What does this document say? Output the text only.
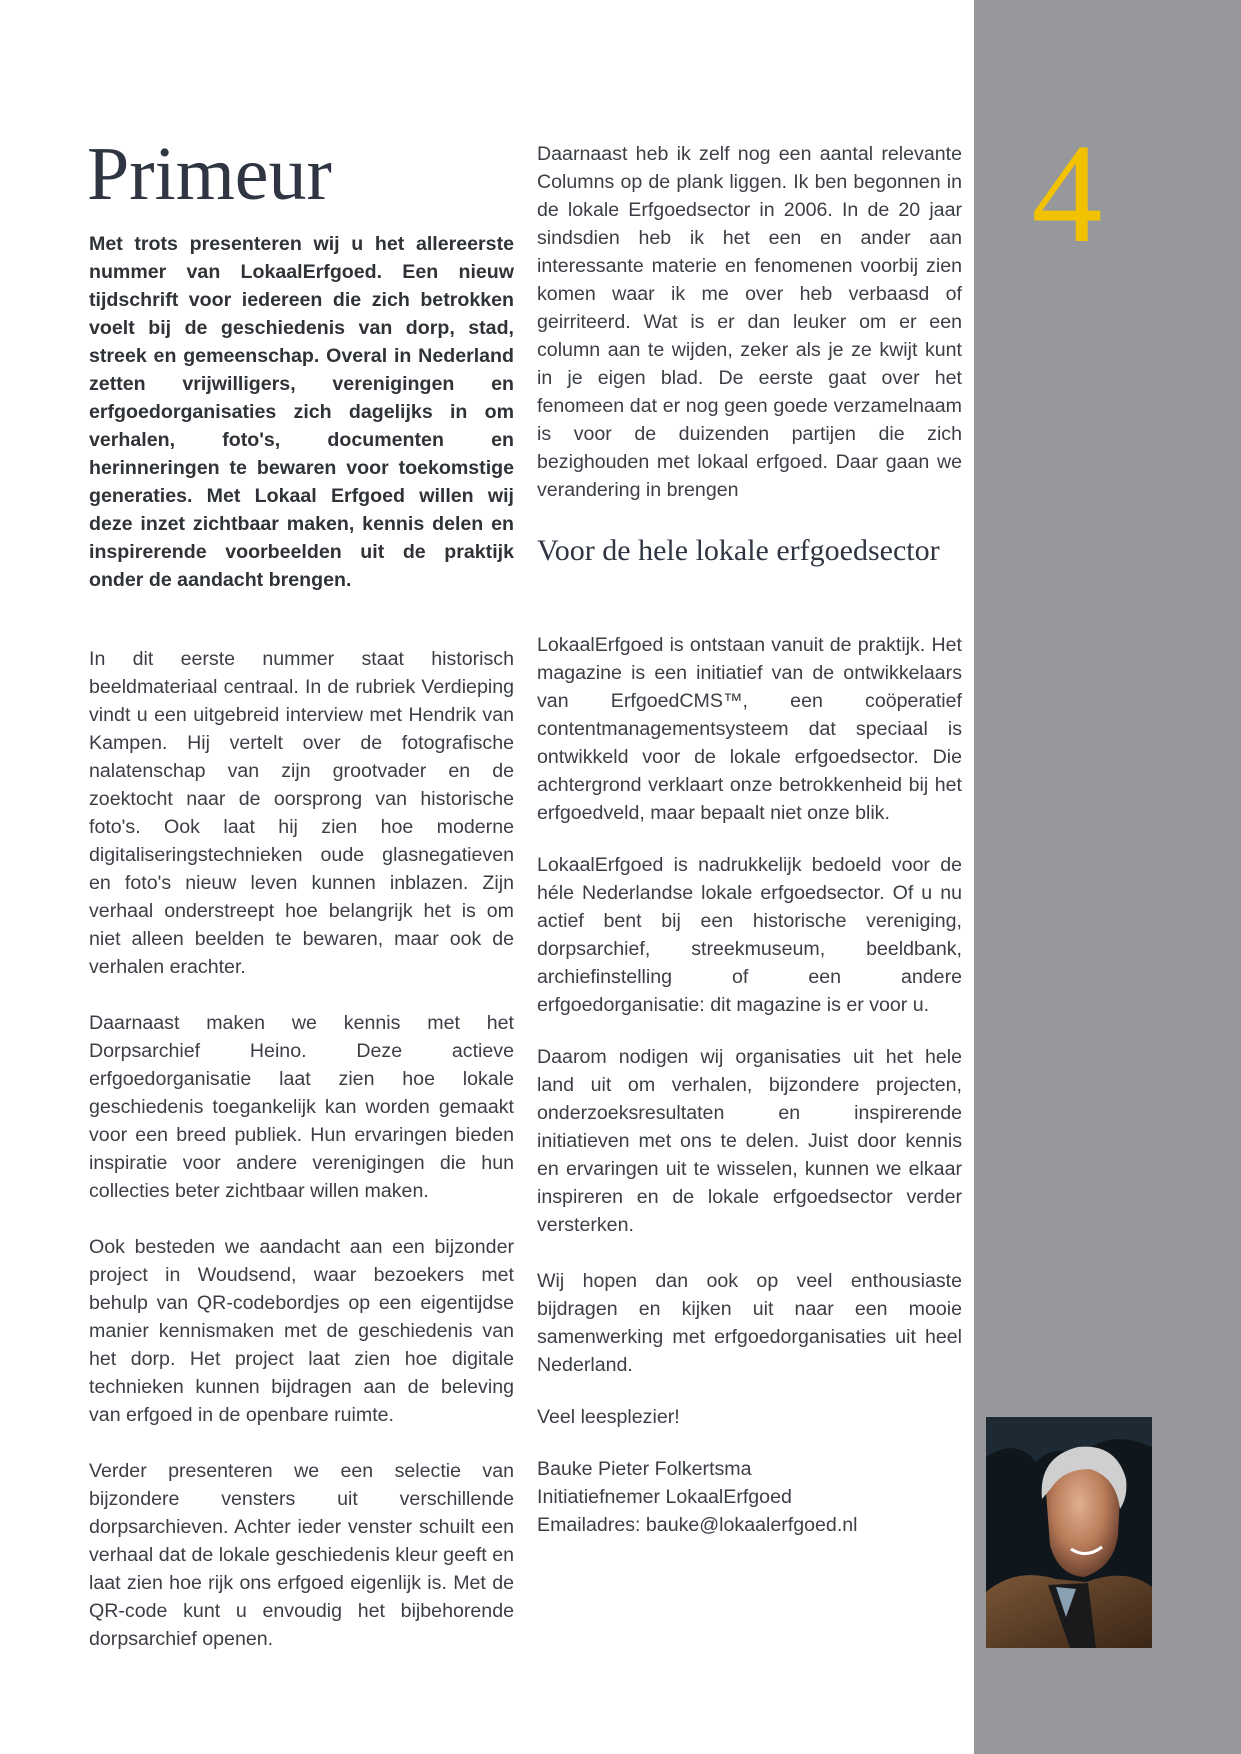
4
Primeur

Met trots presenteren wij u het allereerste nummer van LokaalErfgoed. Een nieuw tijdschrift voor iedereen die zich betrokken voelt bij de geschiedenis van dorp, stad, streek en gemeenschap. Overal in Nederland zetten vrijwilligers, verenigingen en erfgoedorganisaties zich dagelijks in om verhalen, foto's, documenten en herinneringen te bewaren voor toekomstige generaties. Met Lokaal Erfgoed willen wij deze inzet zichtbaar maken, kennis delen en inspirerende voorbeelden uit de praktijk onder de aandacht brengen.

In dit eerste nummer staat historisch beeldmateriaal centraal. In de rubriek Verdieping vindt u een uitgebreid interview met Hendrik van Kampen. Hij vertelt over de fotografische nalatenschap van zijn grootvader en de zoektocht naar de oorsprong van historische foto's. Ook laat hij zien hoe moderne digitaliseringstechnieken oude glasnegatieven en foto's nieuw leven kunnen inblazen. Zijn verhaal onderstreept hoe belangrijk het is om niet alleen beelden te bewaren, maar ook de verhalen erachter.

Daarnaast maken we kennis met het Dorpsarchief Heino. Deze actieve erfgoedorganisatie laat zien hoe lokale geschiedenis toegankelijk kan worden gemaakt voor een breed publiek. Hun ervaringen bieden inspiratie voor andere verenigingen die hun collecties beter zichtbaar willen maken.

Ook besteden we aandacht aan een bijzonder project in Woudsend, waar bezoekers met behulp van QR-codebordjes op een eigentijdse manier kennismaken met de geschiedenis van het dorp. Het project laat zien hoe digitale technieken kunnen bijdragen aan de beleving van erfgoed in de openbare ruimte.

Verder presenteren we een selectie van bijzondere vensters uit verschillende dorpsarchieven. Achter ieder venster schuilt een verhaal dat de lokale geschiedenis kleur geeft en laat zien hoe rijk ons erfgoed eigenlijk is. Met de QR-code kunt u envoudig het bijbehorende dorpsarchief openen.

Daarnaast heb ik zelf nog een aantal relevante Columns op de plank liggen. Ik ben begonnen in de lokale Erfgoedsector in 2006. In de 20 jaar sindsdien heb ik het een en ander aan interessante materie en fenomenen voorbij zien komen waar ik me over heb verbaasd of geirriteerd. Wat is er dan leuker om er een column aan te wijden, zeker als je ze kwijt kunt in je eigen blad. De eerste gaat over het fenomeen dat er nog geen goede verzamelnaam is voor de duizenden partijen die zich bezighouden met lokaal erfgoed. Daar gaan we verandering in brengen

LokaalErfgoed is ontstaan vanuit de praktijk. Het magazine is een initiatief van de ontwikkelaars van ErfgoedCMS™, een coöperatief contentmanagementsysteem dat speciaal is ontwikkeld voor de lokale erfgoedsector. Die achtergrond verklaart onze betrokkenheid bij het erfgoedveld, maar bepaalt niet onze blik.

LokaalErfgoed is nadrukkelijk bedoeld voor de héle Nederlandse lokale erfgoedsector. Of u nu actief bent bij een historische vereniging, dorpsarchief, streekmuseum, beeldbank, archiefinstelling of een andere erfgoedorganisatie: dit magazine is er voor u.

Daarom nodigen wij organisaties uit het hele land uit om verhalen, bijzondere projecten, onderzoeksresultaten en inspirerende initiatieven met ons te delen. Juist door kennis en ervaringen uit te wisselen, kunnen we elkaar inspireren en de lokale erfgoedsector verder versterken.

Wij hopen dan ook op veel enthousiaste bijdragen en kijken uit naar een mooie samenwerking met erfgoedorganisaties uit heel Nederland.

Veel leesplezier!

Bauke Pieter Folkertsma
Initiatiefnemer LokaalErfgoed
Emailadres: bauke@lokaalerfgoed.nl
Voor de hele lokale erfgoedsector
